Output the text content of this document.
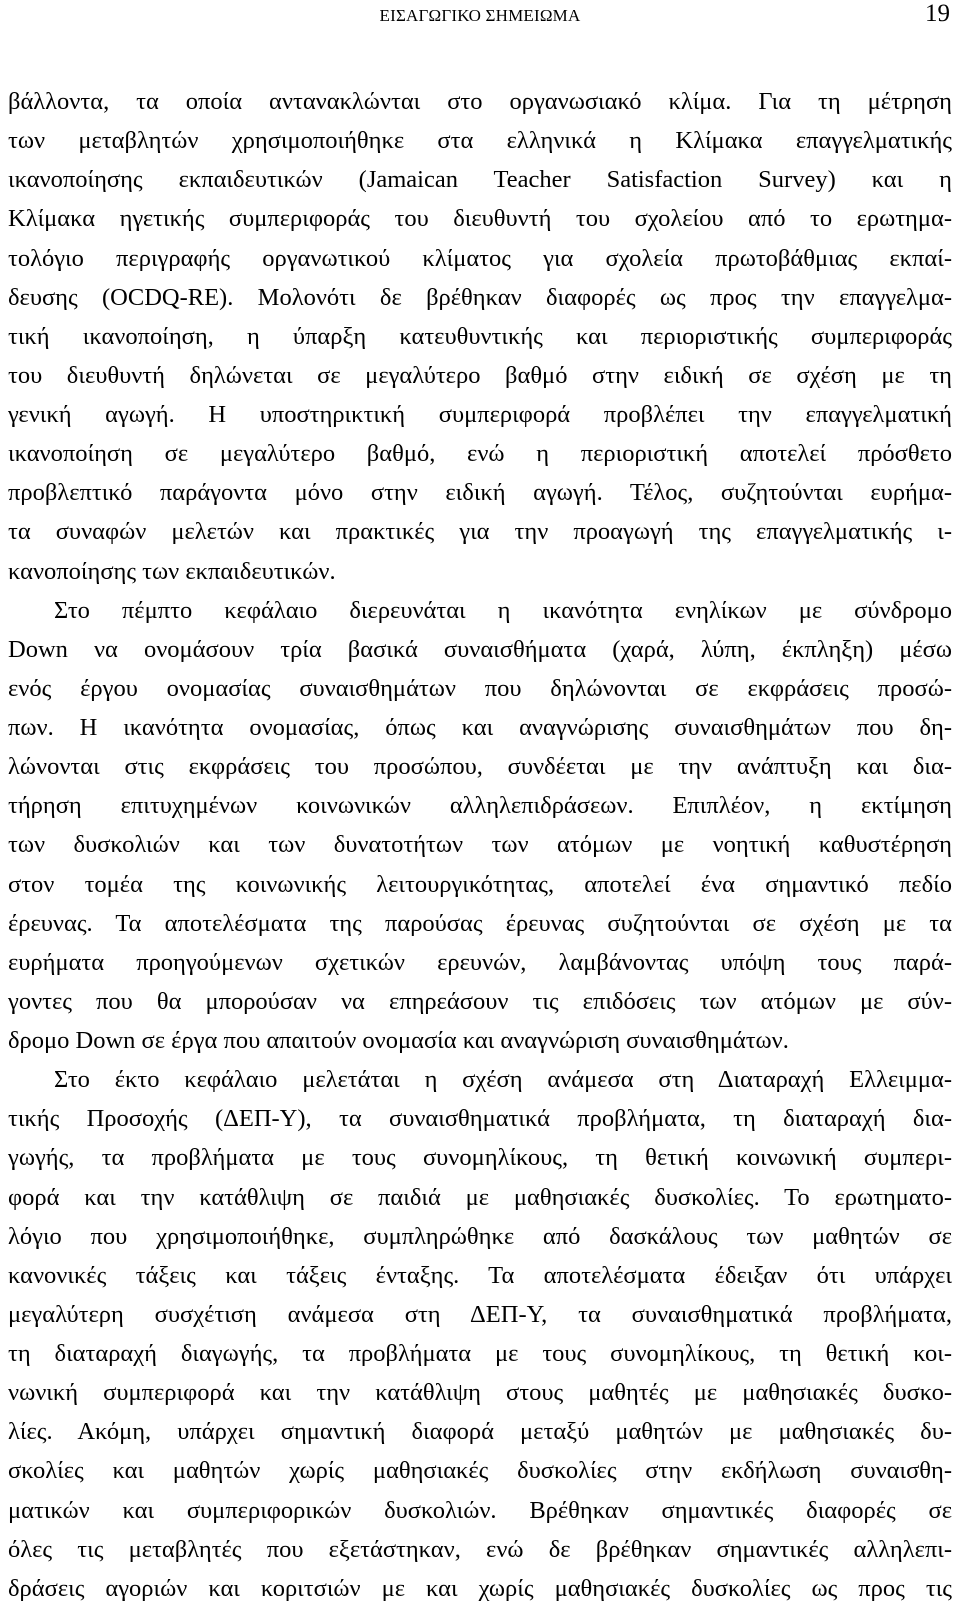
ΕΙΣΑΓΩΓΙΚΟ ΣΗΜΕΙΩΜΑ	19
βάλλοντα, τα οποία αντανακλώνται στο οργανωσιακό κλίμα. Για τη μέτρηση
των μεταβλητών χρησιμοποιήθηκε στα ελληνικά η Κλίμακα επαγγελματικής
ικανοποίησης εκπαιδευτικών (Jamaican Teacher Satisfaction Survey) και η
Κλίμακα ηγετικής συμπεριφοράς του διευθυντή του σχολείου από το ερωτημα-
τολόγιο περιγραφής οργανωτικού κλίματος για σχολεία πρωτοβάθμιας εκπαί-
δευσης (OCDQ-RE). Μολονότι δε βρέθηκαν διαφορές ως προς την επαγγελμα-
τική ικανοποίηση, η ύπαρξη κατευθυντικής και περιοριστικής συμπεριφοράς
του διευθυντή δηλώνεται σε μεγαλύτερο βαθμό στην ειδική σε σχέση με τη
γενική αγωγή. Η υποστηρικτική συμπεριφορά προβλέπει την επαγγελματική
ικανοποίηση σε μεγαλύτερο βαθμό, ενώ η περιοριστική αποτελεί πρόσθετο
προβλεπτικό παράγοντα μόνο στην ειδική αγωγή. Τέλος, συζητούνται ευρήμα-
τα συναφών μελετών και πρακτικές για την προαγωγή της επαγγελματικής ι-
κανοποίησης των εκπαιδευτικών.
Στο πέμπτο κεφάλαιο διερευνάται η ικανότητα ενηλίκων με σύνδρομο
Down να ονομάσουν τρία βασικά συναισθήματα (χαρά, λύπη, έκπληξη) μέσω
ενός έργου ονομασίας συναισθημάτων που δηλώνονται σε εκφράσεις προσώ-
πων. Η ικανότητα ονομασίας, όπως και αναγνώρισης συναισθημάτων που δη-
λώνονται στις εκφράσεις του προσώπου, συνδέεται με την ανάπτυξη και δια-
τήρηση επιτυχημένων κοινωνικών αλληλεπιδράσεων. Επιπλέον, η εκτίμηση
των δυσκολιών και των δυνατοτήτων των ατόμων με νοητική καθυστέρηση
στον τομέα της κοινωνικής λειτουργικότητας, αποτελεί ένα σημαντικό πεδίο
έρευνας. Τα αποτελέσματα της παρούσας έρευνας συζητούνται σε σχέση με τα
ευρήματα προηγούμενων σχετικών ερευνών, λαμβάνοντας υπόψη τους παρά-
γοντες που θα μπορούσαν να επηρεάσουν τις επιδόσεις των ατόμων με σύν-
δρομο Down σε έργα που απαιτούν ονομασία και αναγνώριση συναισθημάτων.
Στο έκτο κεφάλαιο μελετάται η σχέση ανάμεσα στη Διαταραχή Ελλειμμα-
τικής Προσοχής (ΔΕΠ-Υ), τα συναισθηματικά προβλήματα, τη διαταραχή δια-
γωγής, τα προβλήματα με τους συνομηλίκους, τη θετική κοινωνική συμπερι-
φορά και την κατάθλιψη σε παιδιά με μαθησιακές δυσκολίες. Το ερωτηματο-
λόγιο που χρησιμοποιήθηκε, συμπληρώθηκε από δασκάλους των μαθητών σε
κανονικές τάξεις και τάξεις ένταξης. Τα αποτελέσματα έδειξαν ότι υπάρχει
μεγαλύτερη συσχέτιση ανάμεσα στη ΔΕΠ-Υ, τα συναισθηματικά προβλήματα,
τη διαταραχή διαγωγής, τα προβλήματα με τους συνομηλίκους, τη θετική κοι-
νωνική συμπεριφορά και την κατάθλιψη στους μαθητές με μαθησιακές δυσκο-
λίες. Ακόμη, υπάρχει σημαντική διαφορά μεταξύ μαθητών με μαθησιακές δυ-
σκολίες και μαθητών χωρίς μαθησιακές δυσκολίες στην εκδήλωση συναισθη-
ματικών και συμπεριφορικών δυσκολιών. Βρέθηκαν σημαντικές διαφορές σε
όλες τις μεταβλητές που εξετάστηκαν, ενώ δε βρέθηκαν σημαντικές αλληλεπι-
δράσεις αγοριών και κοριτσιών με και χωρίς μαθησιακές δυσκολίες ως προς τις
